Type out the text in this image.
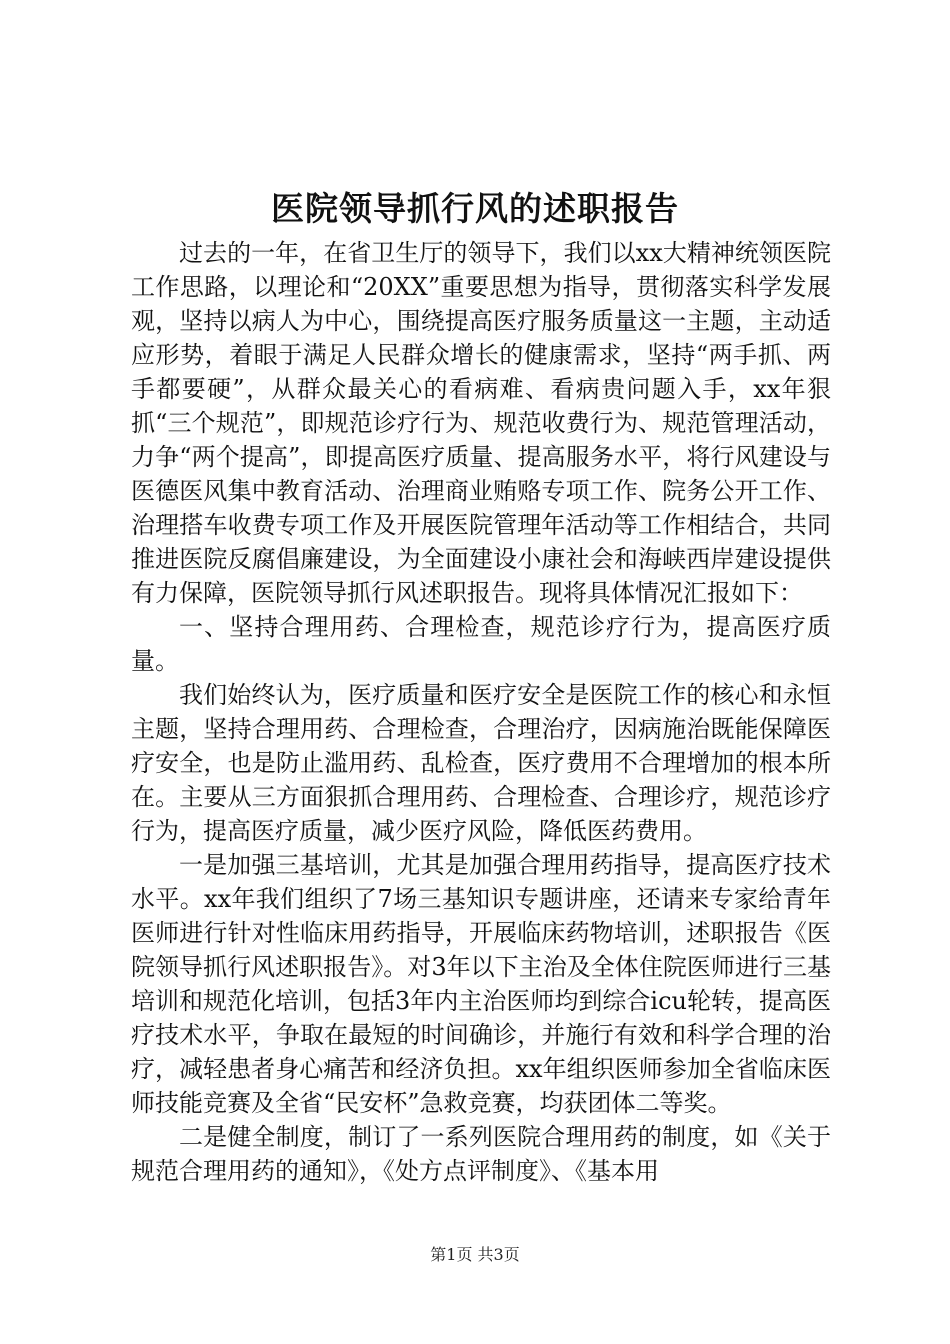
医院领导抓行风的述职报告

过去的一年，在省卫生厅的领导下，我们以xx大精神统领医院工作思路，以理论和“20XX”重要思想为指导，贯彻落实科学发展观，坚持以病人为中心，围绕提高医疗服务质量这一主题，主动适应形势，着眼于满足人民群众增长的健康需求，坚持“两手抓、两手都要硬”，从群众最关心的看病难、看病贵问题入手，xx年狠抓“三个规范”，即规范诊疗行为、规范收费行为、规范管理活动，力争“两个提高”，即提高医疗质量、提高服务水平，将行风建设与医德医风集中教育活动、治理商业贿赂专项工作、院务公开工作、治理搭车收费专项工作及开展医院管理年活动等工作相结合，共同推进医院反腐倡廉建设，为全面建设小康社会和海峡西岸建设提供有力保障，医院领导抓行风述职报告。现将具体情况汇报如下：

一、坚持合理用药、合理检查，规范诊疗行为，提高医疗质量。

我们始终认为，医疗质量和医疗安全是医院工作的核心和永恒主题，坚持合理用药、合理检查，合理治疗，因病施治既能保障医疗安全，也是防止滥用药、乱检查，医疗费用不合理增加的根本所在。主要从三方面狠抓合理用药、合理检查、合理诊疗，规范诊疗行为，提高医疗质量，减少医疗风险，降低医药费用。

一是加强三基培训，尤其是加强合理用药指导，提高医疗技术水平。xx年我们组织了7场三基知识专题讲座，还请来专家给青年医师进行针对性临床用药指导，开展临床药物培训，述职报告《医院领导抓行风述职报告》。对3年以下主治及全体住院医师进行三基培训和规范化培训，包括3年内主治医师均到综合icu轮转，提高医疗技术水平，争取在最短的时间确诊，并施行有效和科学合理的治疗，减轻患者身心痛苦和经济负担。xx年组织医师参加全省临床医师技能竞赛及全省“民安杯”急救竞赛，均获团体二等奖。

二是健全制度，制订了一系列医院合理用药的制度，如《关于规范合理用药的通知》，《处方点评制度》、《基本用

第1页 共3页
